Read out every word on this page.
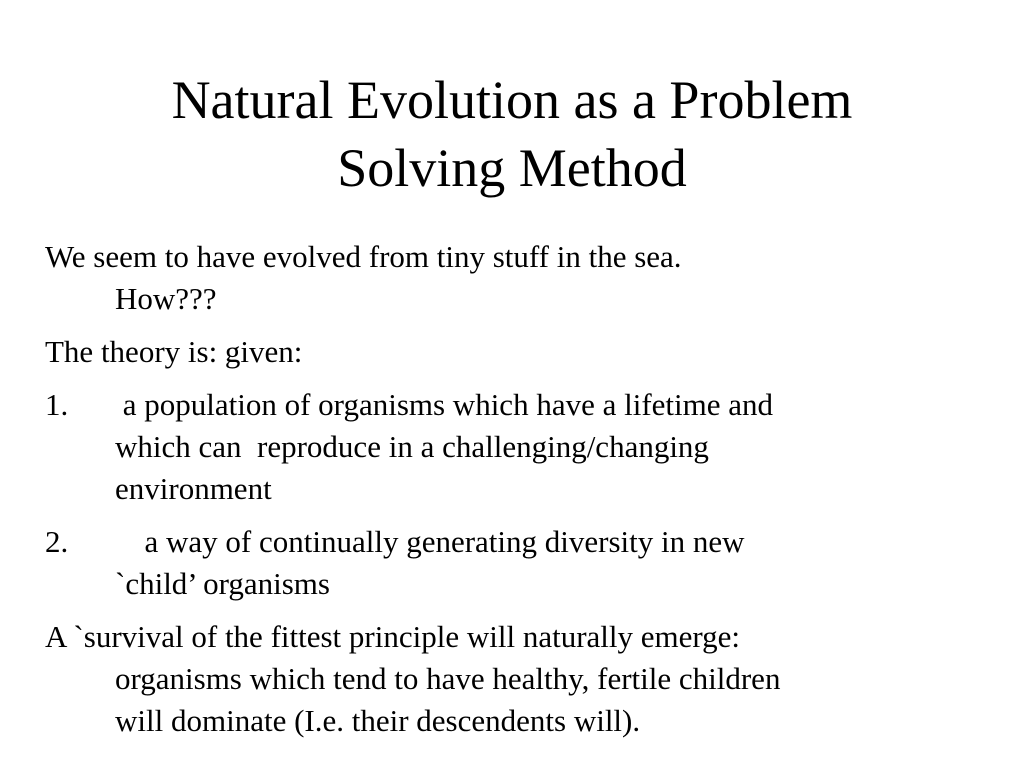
Natural Evolution as a Problem
Solving Method

We seem to have evolved from tiny stuff in the sea.
How???

The theory is: given:

1. a population of organisms which have a lifetime and
which can  reproduce in a challenging/changing
environment
2.	a way of continually generating diversity in new
`child’ organisms

A `survival of the fittest principle will naturally emerge:
organisms which tend to have healthy, fertile children
will dominate (I.e. their descendents will).
